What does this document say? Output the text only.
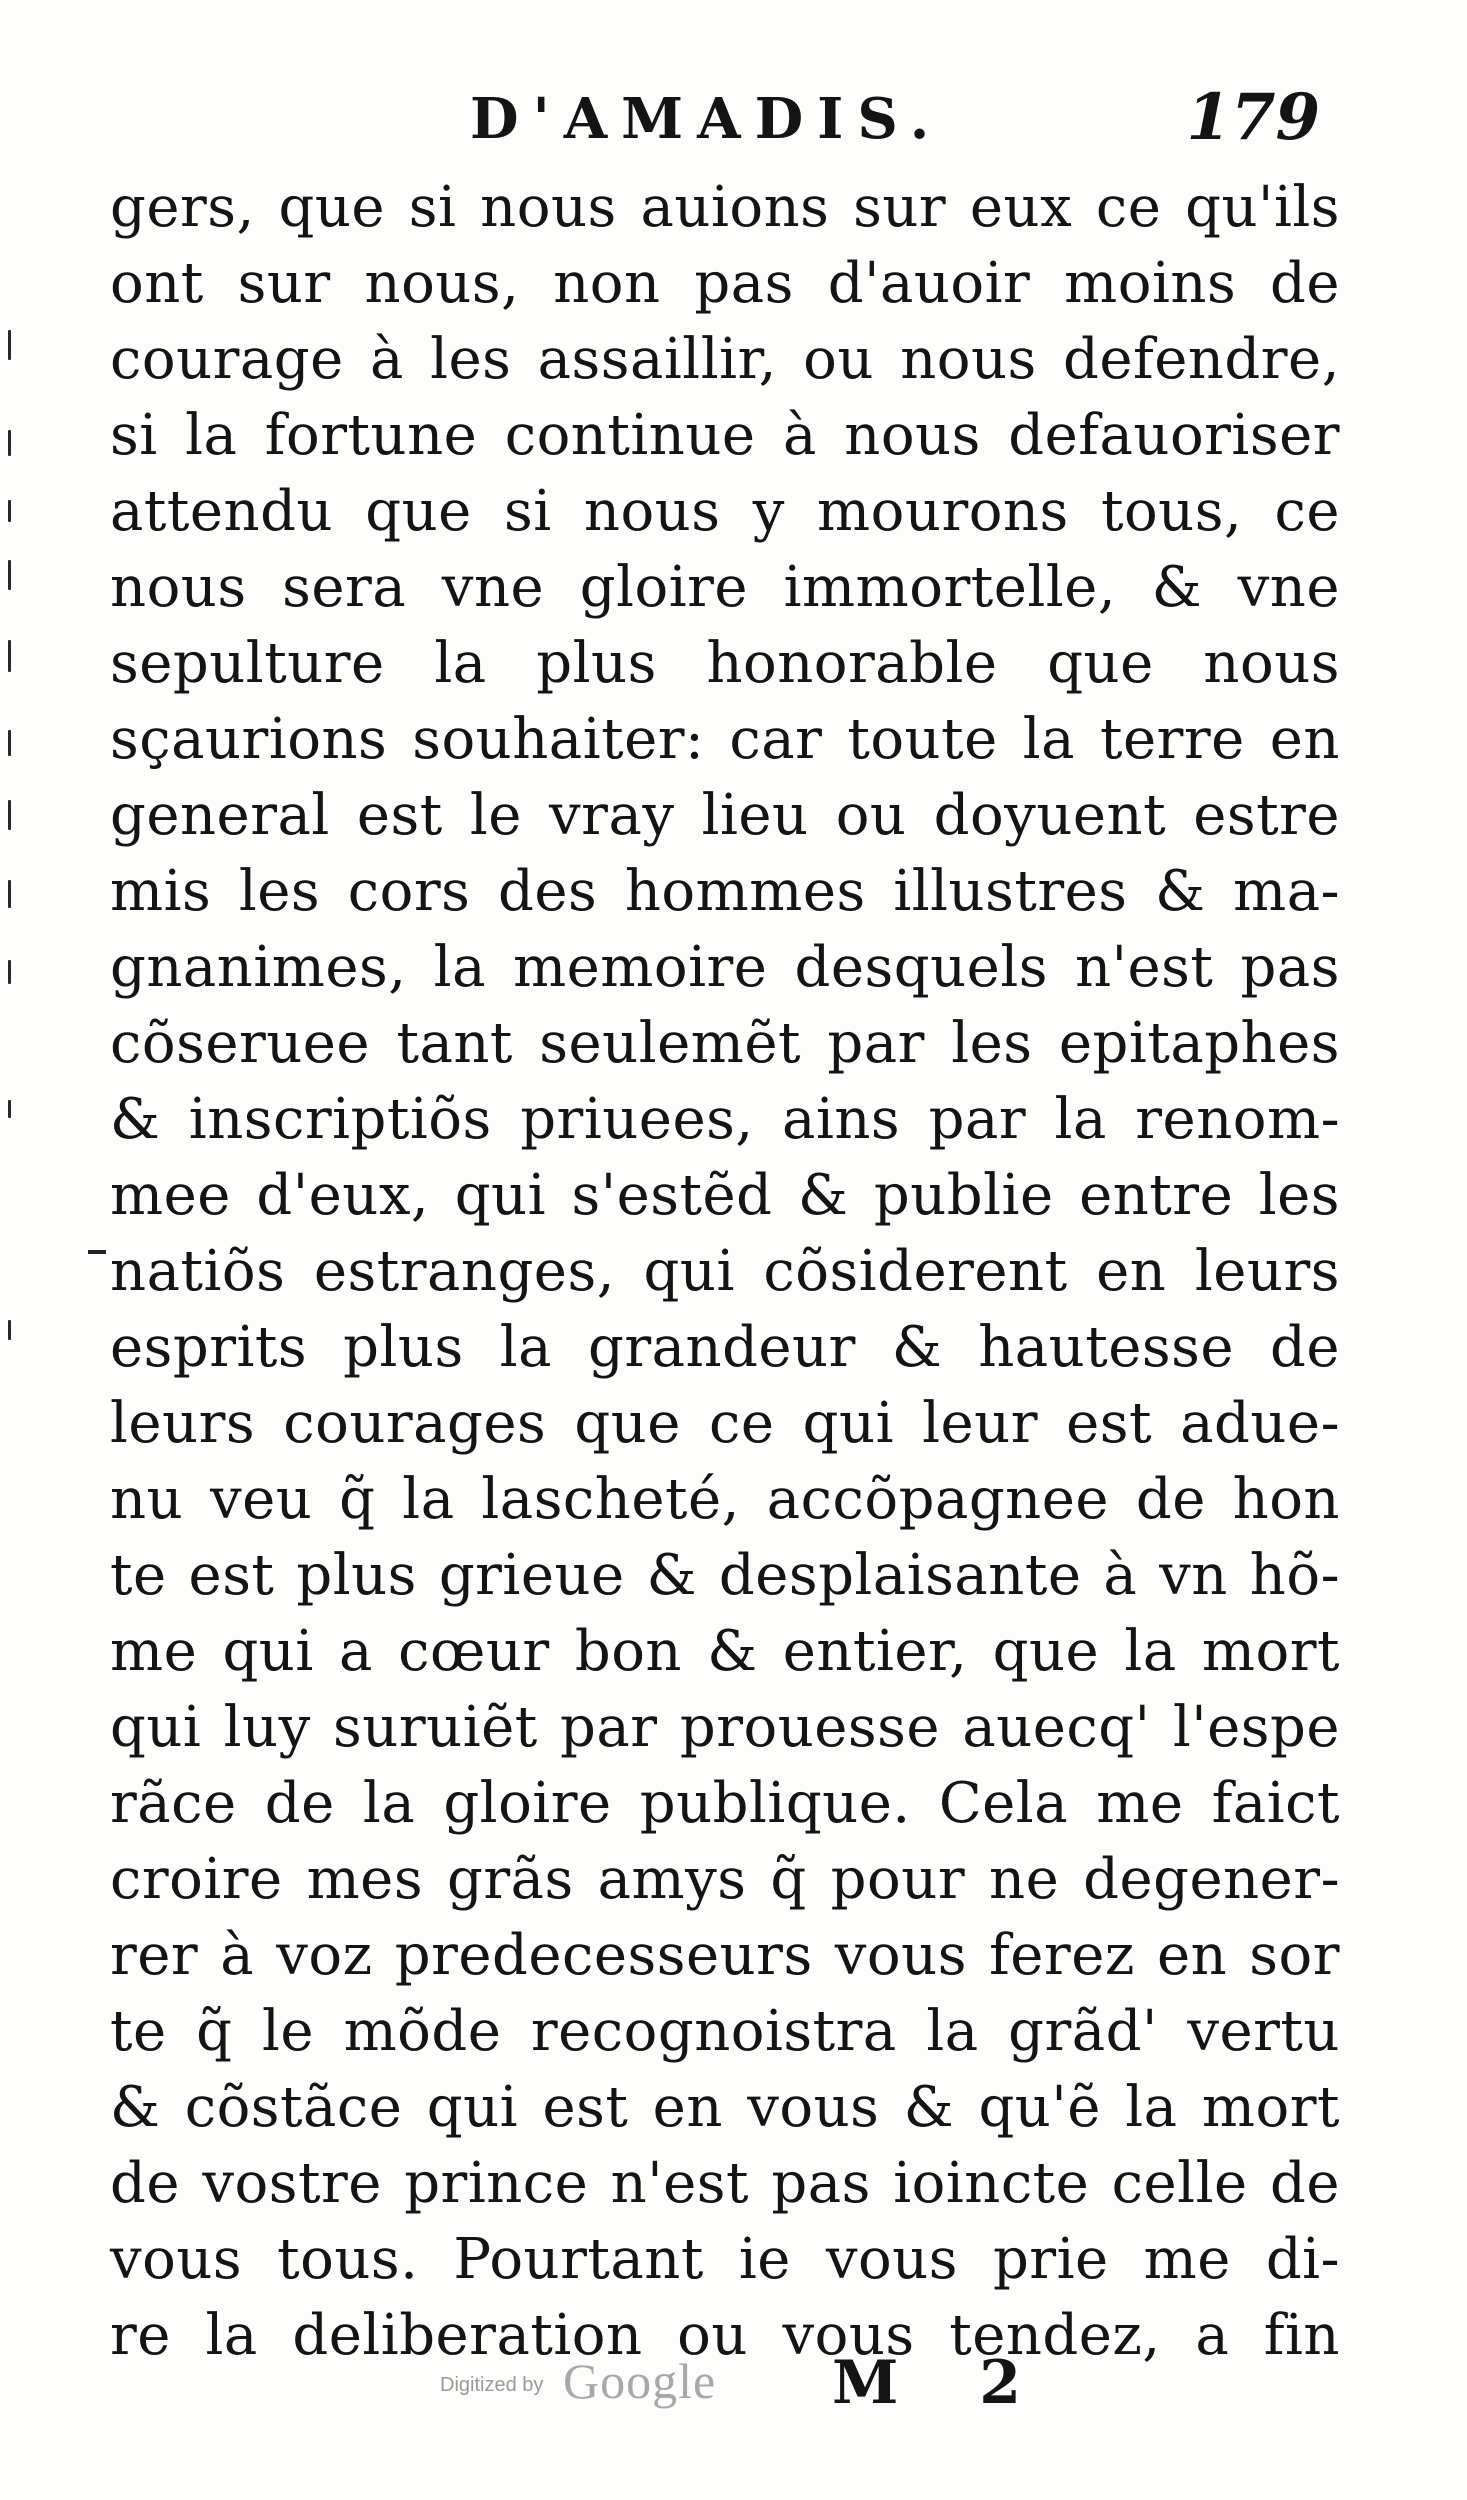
D'AMADIS.	179
gers, que si nous auions sur eux ce qu'ils
ont sur nous, non pas d'auoir moins de
courage à les assaillir, ou nous defendre,
si la fortune continue à nous defauoriser
attendu que si nous y mourons tous, ce
nous sera vne gloire immortelle, & vne
sepulture la plus honorable que nous
sçaurions souhaiter: car toute la terre en
general est le vray lieu ou doyuent estre
mis les cors des hommes illustres & ma-
gnanimes, la memoire desquels n'est pas
cõseruee tant seulemẽt par les epitaphes
& inscriptiõs priuees, ains par la renom-
mee d'eux, qui s'estẽd & publie entre les
natiõs estranges, qui cõsiderent en leurs
esprits plus la grandeur & hautesse de
leurs courages que ce qui leur est adue-
nu veu q̃ la lascheté, accõpagnee de hon
te est plus grieue & desplaisante à vn hõ-
me qui a cœur bon & entier, que la mort
qui luy suruiẽt par prouesse auecq' l'espe
rãce de la gloire publique. Cela me faict
croire mes grãs amys q̃ pour ne degener-
rer à voz predecesseurs vous ferez en sor
te q̃ le mõde recognoistra la grãd' vertu
& cõstãce qui est en vous & qu'ẽ la mort
de vostre prince n'est pas ioincte celle de
vous tous. Pourtant ie vous prie me di-
re la deliberation ou vous tendez, a fin
Digitized by Google M 2
